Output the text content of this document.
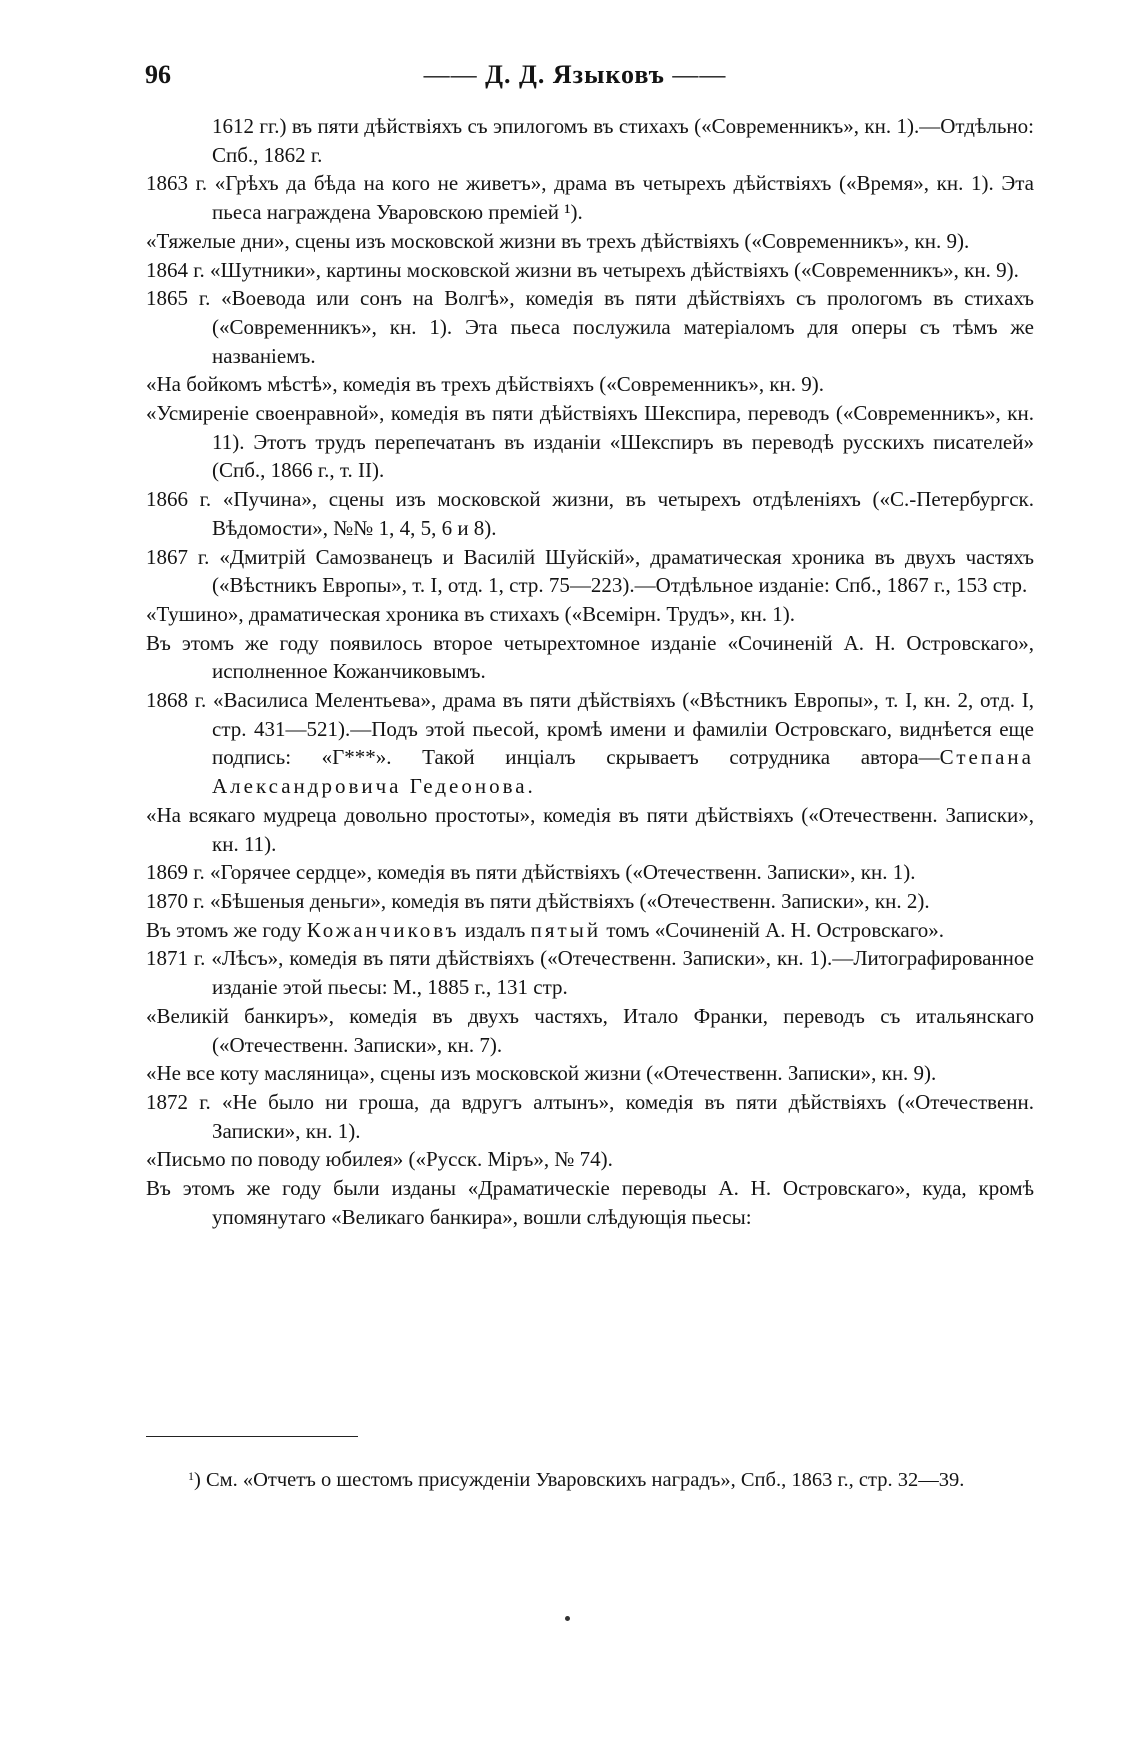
96	—— Д. Д. Языковъ ——

1612 гг.) въ пяти дѣйствіяхъ съ эпилогомъ въ стихахъ («Современникъ», кн. 1).—Отдѣльно: Спб., 1862 г.

1863 г. «Грѣхъ да бѣда на кого не живетъ», драма въ четырехъ дѣйствіяхъ («Время», кн. 1). Эта пьеса награждена Уваровскою преміей ¹).

«Тяжелые дни», сцены изъ московской жизни въ трехъ дѣйствіяхъ («Современникъ», кн. 9).

1864 г. «Шутники», картины московской жизни въ четырехъ дѣйствіяхъ («Современникъ», кн. 9).

1865 г. «Воевода или сонъ на Волгѣ», комедія въ пяти дѣйствіяхъ съ прологомъ въ стихахъ («Современникъ», кн. 1). Эта пьеса послужила матеріаломъ для оперы съ тѣмъ же названіемъ.

«На бойкомъ мѣстѣ», комедія въ трехъ дѣйствіяхъ («Современникъ», кн. 9).

«Усмиреніе своенравной», комедія въ пяти дѣйствіяхъ Шекспира, переводъ («Современникъ», кн. 11). Этотъ трудъ перепечатанъ въ изданіи «Шекспиръ въ переводѣ русскихъ писателей» (Спб., 1866 г., т. II).

1866 г. «Пучина», сцены изъ московской жизни, въ четырехъ отдѣленіяхъ («С.-Петербургск. Вѣдомости», №№ 1, 4, 5, 6 и 8).

1867 г. «Дмитрій Самозванецъ и Василій Шуйскій», драматическая хроника въ двухъ частяхъ («Вѣстникъ Европы», т. I, отд. 1, стр. 75—223).—Отдѣльное изданіе: Спб., 1867 г., 153 стр.

«Тушино», драматическая хроника въ стихахъ («Всемірн. Трудъ», кн. 1).

Въ этомъ же году появилось второе четырехтомное изданіе «Сочиненій А. Н. Островскаго», исполненное Кожанчиковымъ.

1868 г. «Василиса Мелентьева», драма въ пяти дѣйствіяхъ («Вѣстникъ Европы», т. I, кн. 2, отд. I, стр. 431—521).—Подъ этой пьесой, кромѣ имени и фамиліи Островскаго, виднѣется еще подпись: «Г***». Такой инціалъ скрываетъ сотрудника автора—Степана Александровича Гедеонова.

«На всякаго мудреца довольно простоты», комедія въ пяти дѣйствіяхъ («Отечественн. Записки», кн. 11).

1869 г. «Горячее сердце», комедія въ пяти дѣйствіяхъ («Отечественн. Записки», кн. 1).

1870 г. «Бѣшеныя деньги», комедія въ пяти дѣйствіяхъ («Отечественн. Записки», кн. 2).

Въ этомъ же году Кожанчиковъ издалъ пятый томъ «Сочиненій А. Н. Островскаго».

1871 г. «Лѣсъ», комедія въ пяти дѣйствіяхъ («Отечественн. Записки», кн. 1).—Литографированное изданіе этой пьесы: М., 1885 г., 131 стр.

«Великій банкиръ», комедія въ двухъ частяхъ, Итало Франки, переводъ съ итальянскаго («Отечественн. Записки», кн. 7).

«Не все коту масляница», сцены изъ московской жизни («Отечественн. Записки», кн. 9).

1872 г. «Не было ни гроша, да вдругъ алтынъ», комедія въ пяти дѣйствіяхъ («Отечественн. Записки», кн. 1).

«Письмо по поводу юбилея» («Русск. Міръ», № 74).

Въ этомъ же году были изданы «Драматическіе переводы А. Н. Островскаго», куда, кромѣ упомянутаго «Великаго банкира», вошли слѣдующія пьесы:

$^1$) См. «Отчетъ о шестомъ присужденіи Уваровскихъ наградъ», Спб., 1863 г., стр. 32—39.
